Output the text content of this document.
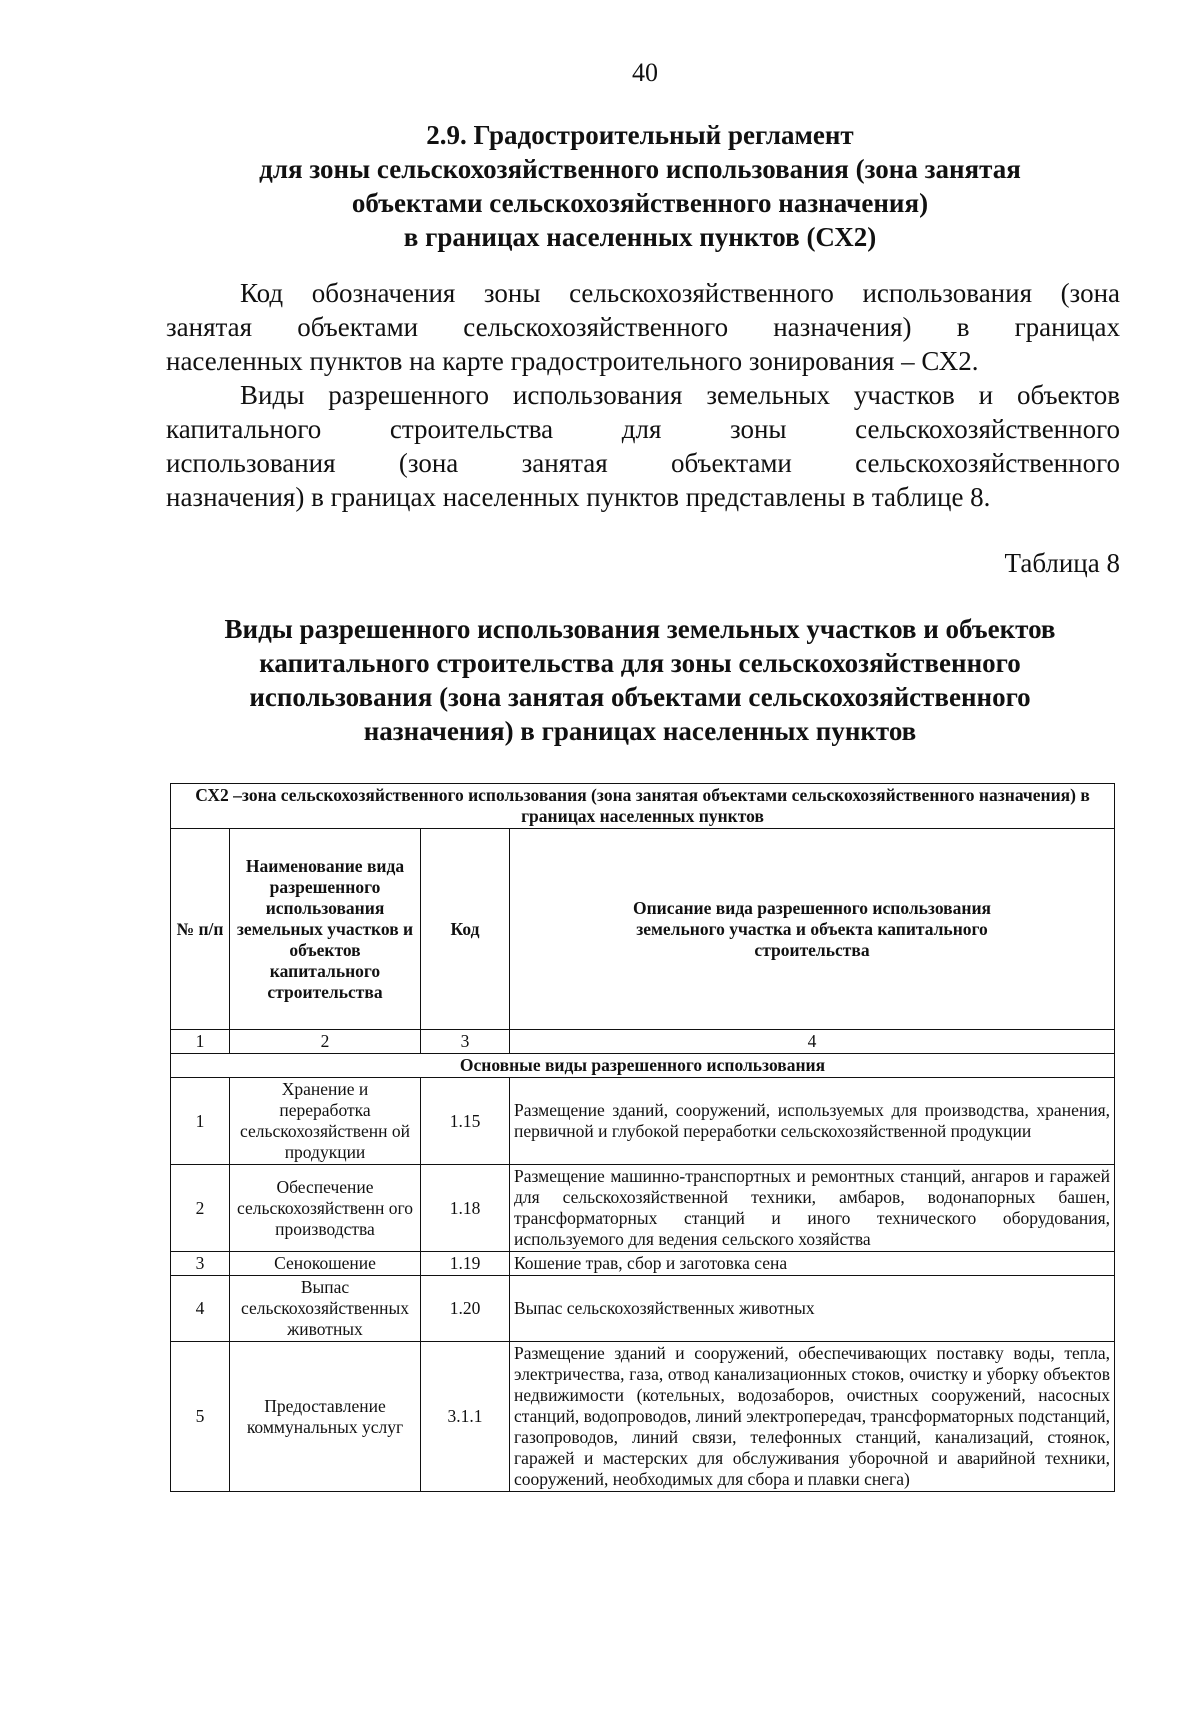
40
2.9. Градостроительный регламент
для зоны сельскохозяйственного использования (зона занятая
объектами сельскохозяйственного назначения)
в границах населенных пунктов (СХ2)
Код обозначения зоны сельскохозяйственного использования (зона
занятая объектами сельскохозяйственного назначения) в границах
населенных пунктов на карте градостроительного зонирования – СХ2.
Виды разрешенного использования земельных участков и объектов
капитального строительства для зоны сельскохозяйственного
использования (зона занятая объектами сельскохозяйственного
назначения) в границах населенных пунктов представлены в таблице 8.
Таблица 8
Виды разрешенного использования земельных участков и объектов
капитального строительства для зоны сельскохозяйственного
использования (зона занятая объектами сельскохозяйственного
назначения) в границах населенных пунктов
СХ2 –зона сельскохозяйственного использования (зона занятая объектами сельскохозяйственного назначения) в границах населенных пунктов			
№ п/п	Наименование вида разрешенного использования земельных участков и объектов капитального строительства	Код	Описание вида разрешенного использования земельного участка и объекта капитального строительства
1	2	3	4
Основные виды разрешенного использования			
1	Хранение и переработка сельскохозяйственн ой продукции	1.15	Размещение зданий, сооружений, используемых для производства, хранения, первичной и глубокой переработки сельскохозяйственной продукции
2	Обеспечение сельскохозяйственн ого производства	1.18	Размещение машинно-транспортных и ремонтных станций, ангаров и гаражей для сельскохозяйственной техники, амбаров, водонапорных башен, трансформаторных станций и иного технического оборудования, используемого для ведения сельского хозяйства
3	Сенокошение	1.19	Кошение трав, сбор и заготовка сена
4	Выпас сельскохозяйственных животных	1.20	Выпас сельскохозяйственных животных
5	Предоставление коммунальных услуг	3.1.1	Размещение зданий и сооружений, обеспечивающих поставку воды, тепла, электричества, газа, отвод канализационных стоков, очистку и уборку объектов недвижимости (котельных, водозаборов, очистных сооружений, насосных станций, водопроводов, линий электропередач, трансформаторных подстанций, газопроводов, линий связи, телефонных станций, канализаций, стоянок, гаражей и мастерских для обслуживания уборочной и аварийной техники, сооружений, необходимых для сбора и плавки снега)
